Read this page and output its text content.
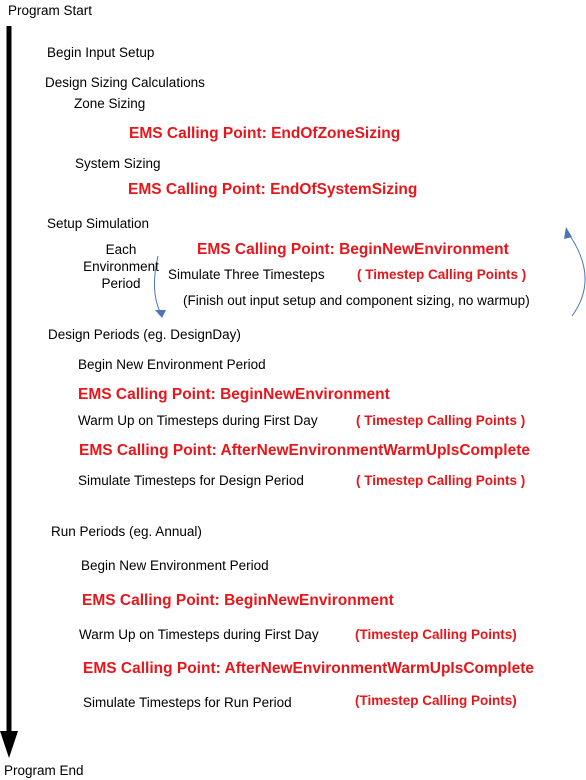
Program Start
Begin Input Setup
Design Sizing Calculations
Zone Sizing
EMS Calling Point: EndOfZoneSizing
System Sizing
EMS Calling Point: EndOfSystemSizing
Setup Simulation
Each
Environment
Period
EMS Calling Point: BeginNewEnvironment
Simulate Three Timesteps ( Timestep Calling Points )
(Finish out input setup and component sizing, no warmup)
Design Periods (eg. DesignDay)
Begin New Environment Period
EMS Calling Point: BeginNewEnvironment
Warm Up on Timesteps during First Day	( Timestep Calling Points )
EMS Calling Point: AfterNewEnvironmentWarmUpIsComplete
Simulate Timesteps for Design Period	( Timestep Calling Points )
Run Periods (eg. Annual)
Begin New Environment Period
EMS Calling Point: BeginNewEnvironment
Warm Up on Timesteps during First Day	(Timestep Calling Points)
EMS Calling Point: AfterNewEnvironmentWarmUpIsComplete
Simulate Timesteps for Run Period	(Timestep Calling Points)
Program End
